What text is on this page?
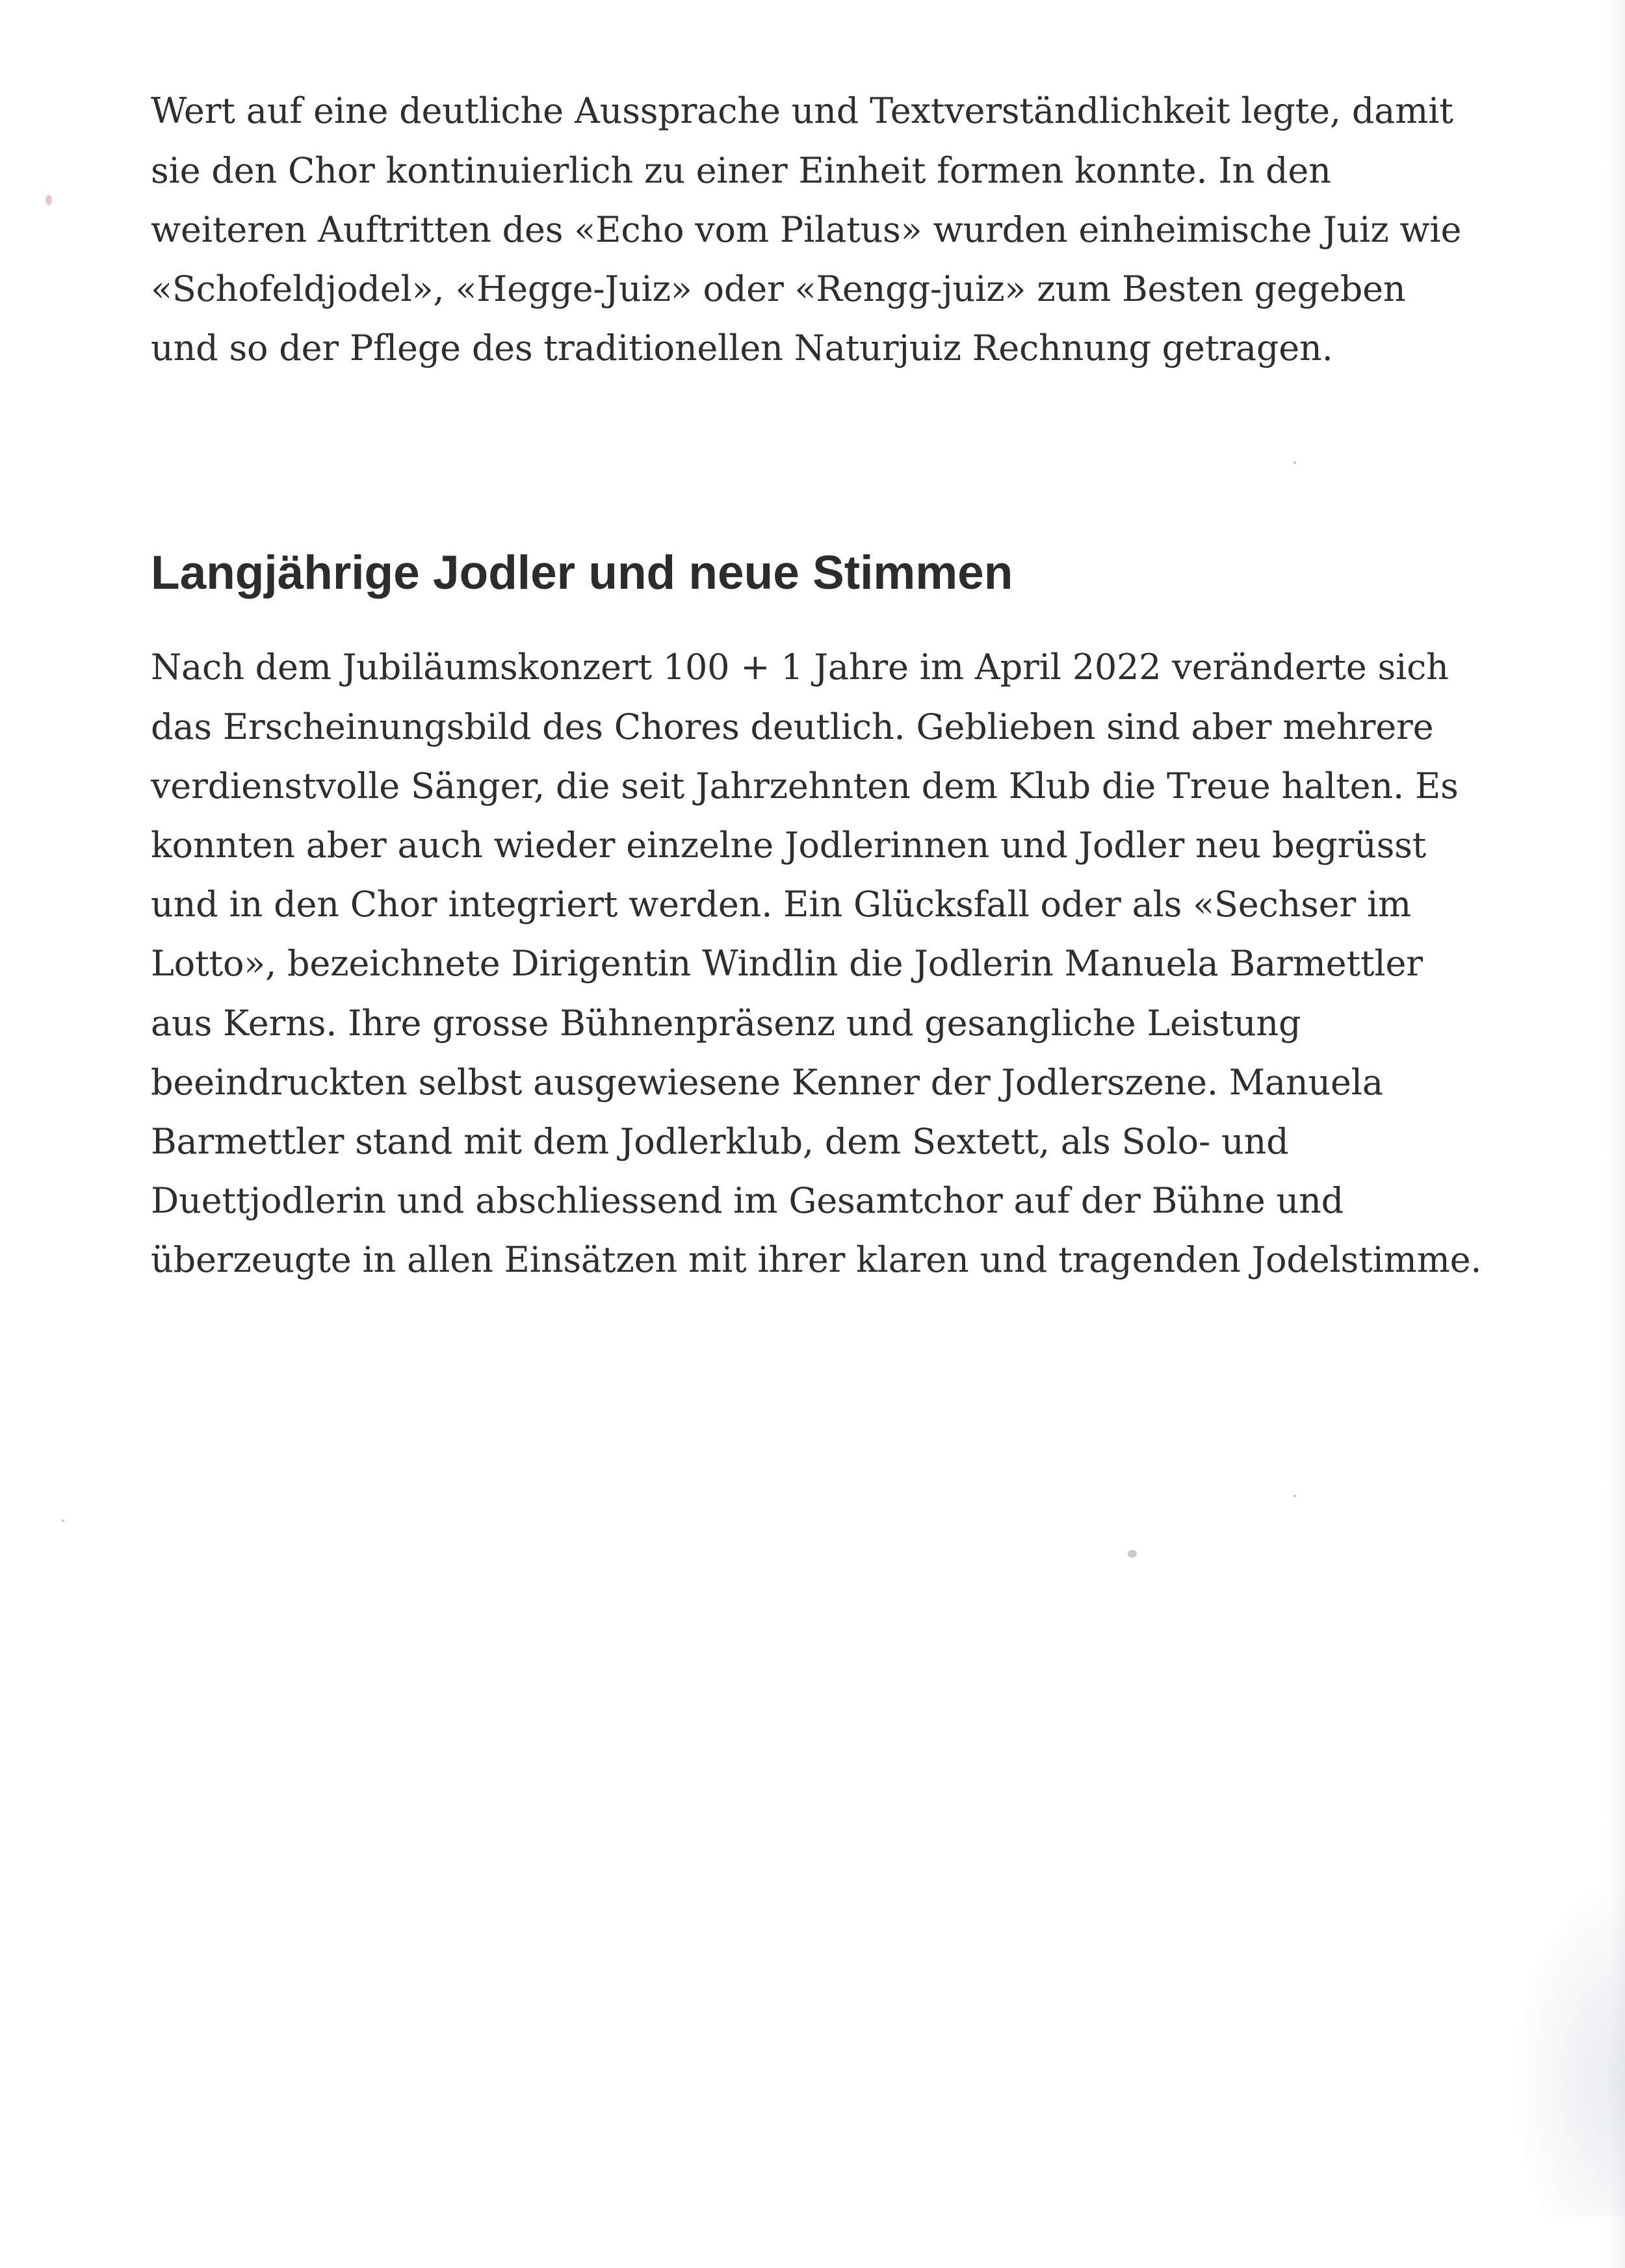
Wert auf eine deutliche Aussprache und Textverständlichkeit legte, damit

sie den Chor kontinuierlich zu einer Einheit formen konnte. In den

weiteren Auftritten des «Echo vom Pilatus» wurden einheimische Juiz wie

«Schofeldjodel», «Hegge-Juiz» oder «Rengg-juiz» zum Besten gegeben

und so der Pflege des traditionellen Naturjuiz Rechnung getragen.

Langjährige Jodler und neue Stimmen

Nach dem Jubiläumskonzert 100 + 1 Jahre im April 2022 veränderte sich

das Erscheinungsbild des Chores deutlich. Geblieben sind aber mehrere

verdienstvolle Sänger, die seit Jahrzehnten dem Klub die Treue halten. Es

konnten aber auch wieder einzelne Jodlerinnen und Jodler neu begrüsst

und in den Chor integriert werden. Ein Glücksfall oder als «Sechser im

Lotto», bezeichnete Dirigentin Windlin die Jodlerin Manuela Barmettler

aus Kerns. Ihre grosse Bühnenpräsenz und gesangliche Leistung

beeindruckten selbst ausgewiesene Kenner der Jodlerszene. Manuela

Barmettler stand mit dem Jodlerklub, dem Sextett, als Solo- und

Duettjodlerin und abschliessend im Gesamtchor auf der Bühne und

überzeugte in allen Einsätzen mit ihrer klaren und tragenden Jodelstimme.
